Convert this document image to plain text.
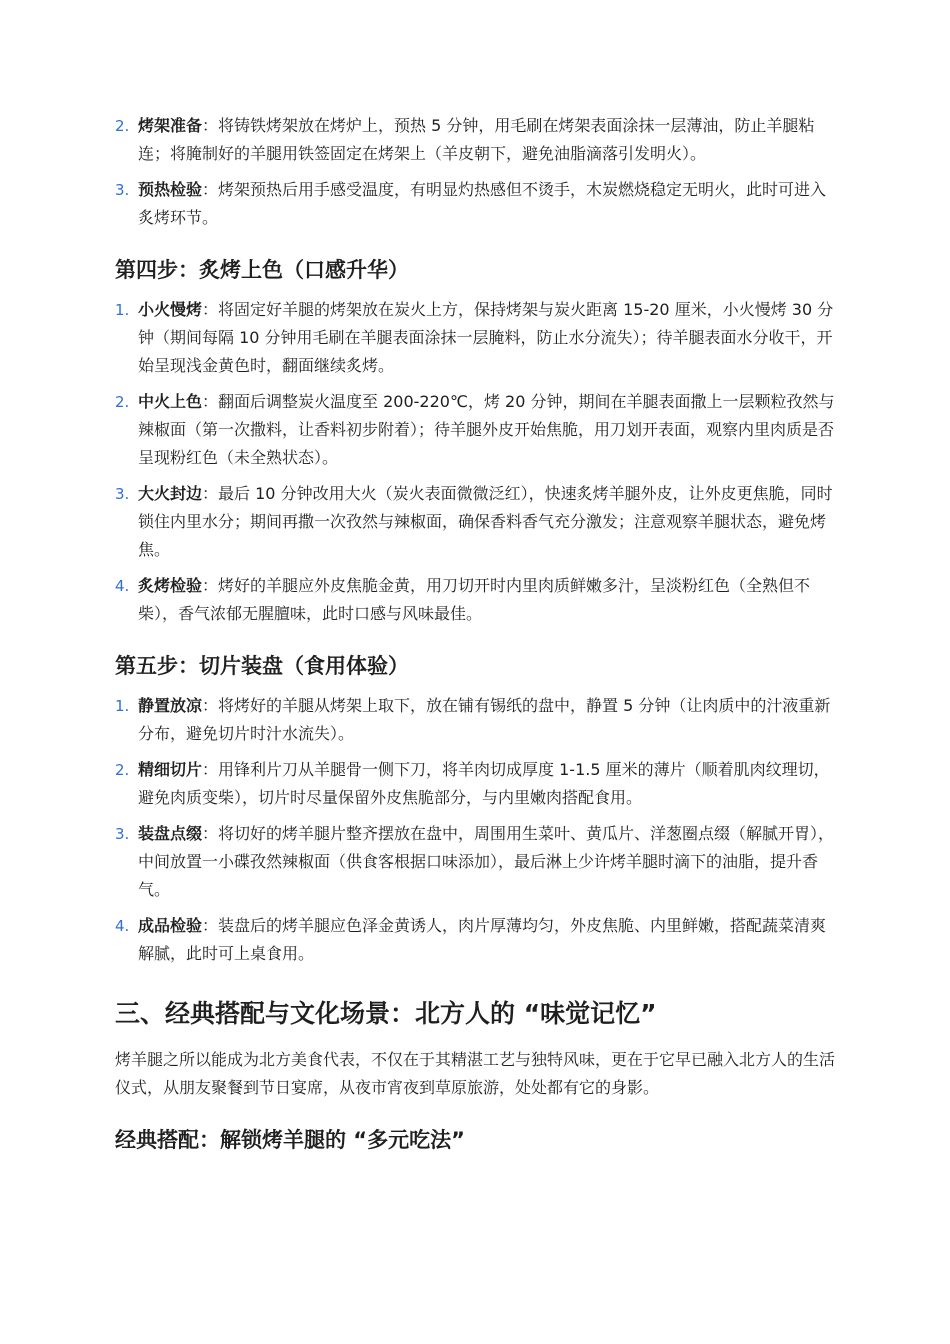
2. 烤架准备：将铸铁烤架放在烤炉上，预热 5 分钟，用毛刷在烤架表面涂抹一层薄油，防止羊腿粘连；将腌制好的羊腿用铁签固定在烤架上（羊皮朝下，避免油脂滴落引发明火）。
3. 预热检验：烤架预热后用手感受温度，有明显灼热感但不烫手，木炭燃烧稳定无明火，此时可进入炙烤环节。
第四步：炙烤上色（口感升华）
1. 小火慢烤：将固定好羊腿的烤架放在炭火上方，保持烤架与炭火距离 15-20 厘米，小火慢烤 30 分钟（期间每隔 10 分钟用毛刷在羊腿表面涂抹一层腌料，防止水分流失）；待羊腿表面水分收干，开始呈现浅金黄色时，翻面继续炙烤。
2. 中火上色：翻面后调整炭火温度至 200-220℃，烤 20 分钟，期间在羊腿表面撒上一层颗粒孜然与辣椒面（第一次撒料，让香料初步附着）；待羊腿外皮开始焦脆，用刀划开表面，观察内里肉质是否呈现粉红色（未全熟状态）。
3. 大火封边：最后 10 分钟改用大火（炭火表面微微泛红），快速炙烤羊腿外皮，让外皮更焦脆，同时锁住内里水分；期间再撒一次孜然与辣椒面，确保香料香气充分激发；注意观察羊腿状态，避免烤焦。
4. 炙烤检验：烤好的羊腿应外皮焦脆金黄，用刀切开时内里肉质鲜嫩多汁，呈淡粉红色（全熟但不柴），香气浓郁无腥膻味，此时口感与风味最佳。
第五步：切片装盘（食用体验）
1. 静置放凉：将烤好的羊腿从烤架上取下，放在铺有锡纸的盘中，静置 5 分钟（让肉质中的汁液重新分布，避免切片时汁水流失）。
2. 精细切片：用锋利片刀从羊腿骨一侧下刀，将羊肉切成厚度 1-1.5 厘米的薄片（顺着肌肉纹理切，避免肉质变柴），切片时尽量保留外皮焦脆部分，与内里嫩肉搭配食用。
3. 装盘点缀：将切好的烤羊腿片整齐摆放在盘中，周围用生菜叶、黄瓜片、洋葱圈点缀（解腻开胃），中间放置一小碟孜然辣椒面（供食客根据口味添加），最后淋上少许烤羊腿时滴下的油脂，提升香气。
4. 成品检验：装盘后的烤羊腿应色泽金黄诱人，肉片厚薄均匀，外皮焦脆、内里鲜嫩，搭配蔬菜清爽解腻，此时可上桌食用。
三、经典搭配与文化场景：北方人的 “味觉记忆”

烤羊腿之所以能成为北方美食代表，不仅在于其精湛工艺与独特风味，更在于它早已融入北方人的生活仪式，从朋友聚餐到节日宴席，从夜市宵夜到草原旅游，处处都有它的身影。

经典搭配：解锁烤羊腿的 “多元吃法”
